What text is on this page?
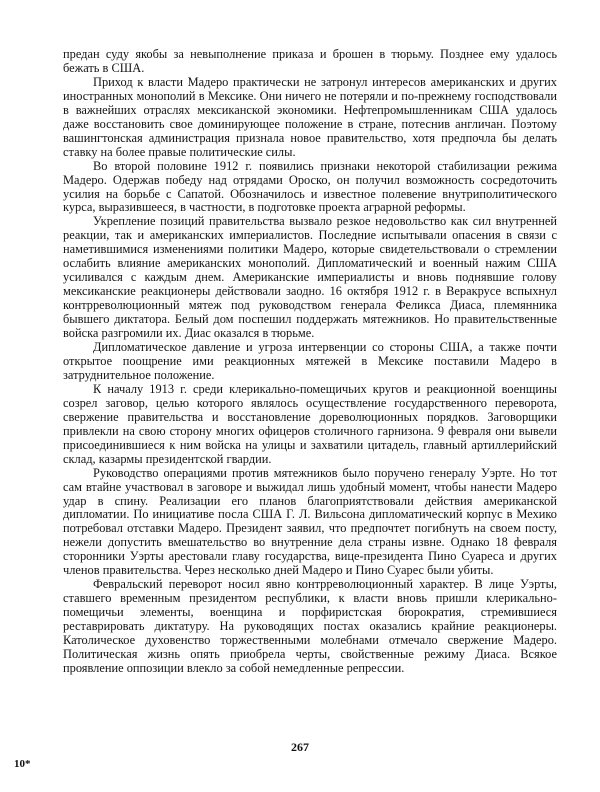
предан суду якобы за невыполнение приказа и брошен в тюрьму. Позднее ему удалось бежать в США.

Приход к власти Мадеро практически не затронул интересов американских и других иностранных монополий в Мексике. Они ничего не потеряли и по-прежнему господствовали в важнейших отраслях мексиканской экономики. Нефтепромышленникам США удалось даже восстановить свое доминирующее положение в стране, потеснив англичан. Поэтому вашингтонская администрация признала новое правительство, хотя предпочла бы делать ставку на более правые политические силы.

Во второй половине 1912 г. появились признаки некоторой стабилизации режима Мадеро. Одержав победу над отрядами Ороско, он получил возможность сосредоточить усилия на борьбе с Сапатой. Обозначилось и известное полевение внутриполитического курса, выразившееся, в частности, в подготовке проекта аграрной реформы.

Укрепление позиций правительства вызвало резкое недовольство как сил внутренней реакции, так и американских империалистов. Последние испытывали опасения в связи с наметившимися изменениями политики Мадеро, которые свидетельствовали о стремлении ослабить влияние американских монополий. Дипломатический и военный нажим США усиливался с каждым днем. Американские империалисты и вновь поднявшие голову мексиканские реакционеры действовали заодно. 16 октября 1912 г. в Веракрусе вспыхнул контрреволюционный мятеж под руководством генерала Феликса Диаса, племянника бывшего диктатора. Белый дом поспешил поддержать мятежников. Но правительственные войска разгромили их. Диас оказался в тюрьме.

Дипломатическое давление и угроза интервенции со стороны США, а также почти открытое поощрение ими реакционных мятежей в Мексике поставили Мадеро в затруднительное положение.

К началу 1913 г. среди клерикально-помещичьих кругов и реакционной военщины созрел заговор, целью которого являлось осуществление государственного переворота, свержение правительства и восстановление дореволюционных порядков. Заговорщики привлекли на свою сторону многих офицеров столичного гарнизона. 9 февраля они вывели присоединившиеся к ним войска на улицы и захватили цитадель, главный артиллерийский склад, казармы президентской гвардии.

Руководство операциями против мятежников было поручено генералу Уэрте. Но тот сам втайне участвовал в заговоре и выжидал лишь удобный момент, чтобы нанести Мадеро удар в спину. Реализации его планов благоприятствовали действия американской дипломатии. По инициативе посла США Г. Л. Вильсона дипломатический корпус в Мехико потребовал отставки Мадеро. Президент заявил, что предпочтет погибнуть на своем посту, нежели допустить вмешательство во внутренние дела страны извне. Однако 18 февраля сторонники Уэрты арестовали главу государства, вице-президента Пино Суареса и других членов правительства. Через несколько дней Мадеро и Пино Суарес были убиты.

Февральский переворот носил явно контрреволюционный характер. В лице Уэрты, ставшего временным президентом республики, к власти вновь пришли клерикально-помещичьи элементы, военщина и порфиристская бюрократия, стремившиеся реставрировать диктатуру. На руководящих постах оказались крайние реакционеры. Католическое духовенство торжественными молебнами отмечало свержение Мадеро. Политическая жизнь опять приобрела черты, свойственные режиму Диаса. Всякое проявление оппозиции влекло за собой немедленные репрессии.

267
10*
